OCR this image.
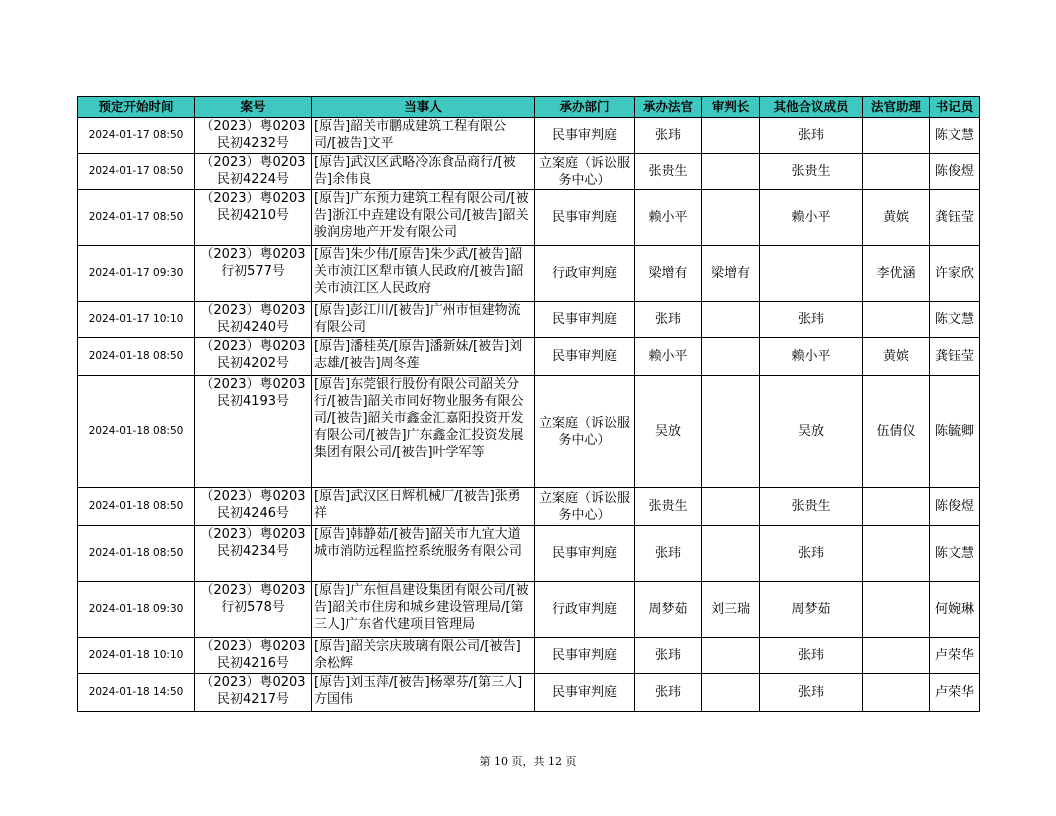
预定开始时间	案号	当事人	承办部门	承办法官	审判长	其他合议成员	法官助理	书记员
2024-01-17 08:50	（2023）粤0203民初4232号	[原告]韶关市鹏成建筑工程有限公司/[被告]文平	民事审判庭	张玮		张玮		陈文慧
2024-01-17 08:50	（2023）粤0203民初4224号	[原告]武汉区武略冷冻食品商行/[被告]余伟良	立案庭（诉讼服务中心）	张贵生		张贵生		陈俊煜
2024-01-17 08:50	（2023）粤0203民初4210号	[原告]广东预力建筑工程有限公司/[被告]浙江中垚建设有限公司/[被告]韶关骏润房地产开发有限公司	民事审判庭	赖小平		赖小平	黄嫔	龚钰莹
2024-01-17 09:30	（2023）粤0203行初577号	[原告]朱少伟/[原告]朱少武/[被告]韶关市浈江区犁市镇人民政府/[被告]韶关市浈江区人民政府	行政审判庭	梁增有	梁增有		李优涵	许家欣
2024-01-17 10:10	（2023）粤0203民初4240号	[原告]彭江川/[被告]广州市恒建物流有限公司	民事审判庭	张玮		张玮		陈文慧
2024-01-18 08:50	（2023）粤0203民初4202号	[原告]潘桂英/[原告]潘新妹/[被告]刘志雄/[被告]周冬莲	民事审判庭	赖小平		赖小平	黄嫔	龚钰莹
2024-01-18 08:50	（2023）粤0203民初4193号	[原告]东莞银行股份有限公司韶关分行/[被告]韶关市同好物业服务有限公司/[被告]韶关市鑫金汇嘉阳投资开发有限公司/[被告]广东鑫金汇投资发展集团有限公司/[被告]叶学军等	立案庭（诉讼服务中心）	吴放		吴放	伍倩仪	陈毓卿
2024-01-18 08:50	（2023）粤0203民初4246号	[原告]武汉区日辉机械厂/[被告]张勇祥	立案庭（诉讼服务中心）	张贵生		张贵生		陈俊煜
2024-01-18 08:50	（2023）粤0203民初4234号	[原告]韩静茹/[被告]韶关市九宜大道城市消防远程监控系统服务有限公司	民事审判庭	张玮		张玮		陈文慧
2024-01-18 09:30	（2023）粤0203行初578号	[原告]广东恒昌建设集团有限公司/[被告]韶关市住房和城乡建设管理局/[第三人]广东省代建项目管理局	行政审判庭	周梦茹	刘三瑞	周梦茹		何婉琳
2024-01-18 10:10	（2023）粤0203民初4216号	[原告]韶关宗庆玻璃有限公司/[被告]余松辉	民事审判庭	张玮		张玮		卢荣华
2024-01-18 14:50	（2023）粤0203民初4217号	[原告]刘玉萍/[被告]杨翠芬/[第三人]方国伟	民事审判庭	张玮		张玮		卢荣华
第 10 页，共 12 页
